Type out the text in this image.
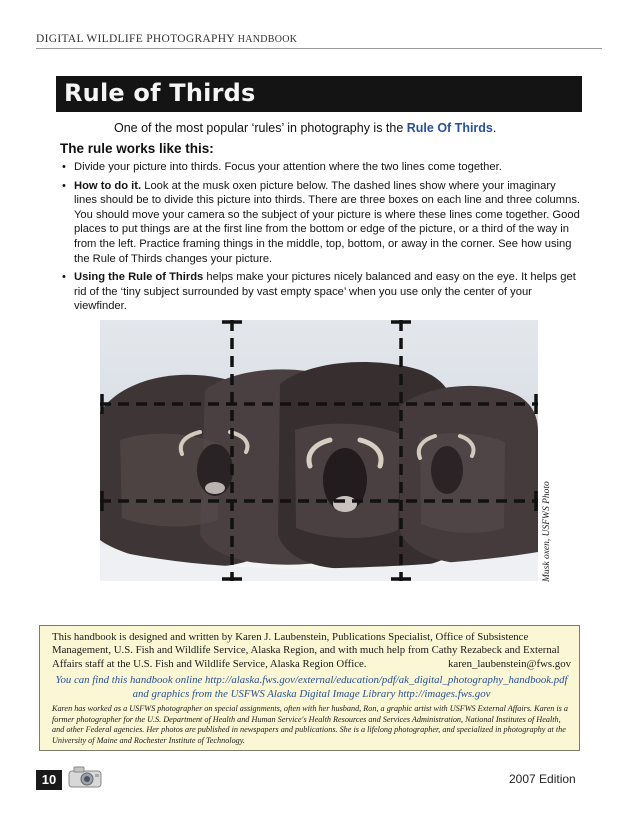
DIGITAL WILDLIFE PHOTOGRAPHY HANDBOOK
Rule of Thirds
One of the most popular ‘rules’ in photography is the Rule Of Thirds.
The rule works like this:
• Divide your picture into thirds. Focus your attention where the two lines come together.
• How to do it. Look at the musk oxen picture below. The dashed lines show where your imaginary lines should be to divide this picture into thirds. There are three boxes on each line and three columns. You should move your camera so the subject of your picture is where these lines come together. Good places to put things are at the first line from the bottom or edge of the picture, or a third of the way in from the left. Practice framing things in the middle, top, bottom, or away in the corner. See how using the Rule of Thirds changes your picture.
• Using the Rule of Thirds helps make your pictures nicely balanced and easy on the eye. It helps get rid of the ‘tiny subject surrounded by vast empty space’ when you use only the center of your viewfinder.
Musk oxen, USFWS Photo
This handbook is designed and written by Karen J. Laubenstein, Publications Specialist, Office of Subsistence Management, U.S. Fish and Wildlife Service, Alaska Region, and with much help from Cathy Rezabeck and External Affairs staff at the U.S. Fish and Wildlife Service, Alaska Region Office.	karen_laubenstein@fws.gov
You can find this handbook online http://alaska.fws.gov/external/education/pdf/ak_digital_photography_handbook.pdf
and graphics from the USFWS Alaska Digital Image Library http://images.fws.gov
Karen has worked as a USFWS photographer on special assignments, often with her husband, Ron, a graphic artist with USFWS External Affairs. Karen is a former photographer for the U.S. Department of Health and Human Service's Health Resources and Services Administration, National Institutes of Health, and other Federal agencies. Her photos are published in newspapers and publications. She is a lifelong photographer, and specialized in photography at the University of Maine and Rochester Institute of Technology.
10	2007 Edition
